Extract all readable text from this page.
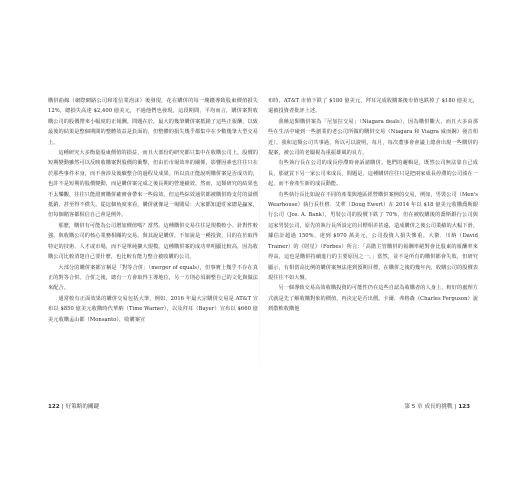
購併曲線（網際網路公司和電信業泡沫）後發現，花在購併的每一塊錢導致股東價值損失 12%，總損失高達 $2,400 億美元，不過他們也發現，這段期間，平均而言，購併案對收購公司的股價帶來小幅度的正報酬。問題在於，最大的幾筆購併案抵銷了這些正報酬，以致最後的結果是整個期間的整體效益是負面的，但整體的損失幾乎都集中在少數幾筆大型交易上。

這種研究大多衡量股東價值的損益，而且大部份的研究都只集中在收購公司上。股價的短期變動雖然可以反映收購案對股價的衝擊，但由於市場效率的關係，影響因素也往往只在於那些事件本身，而不會涉及後續整合的過程及成果。所以真正能說明購併案是否成功的，也許不是短期的股價變動，而是購併案完成之後長期的營運績效。然而，這類研究的結果也不太樂觀，往往只能證實購併確實會帶來一些綜效，但這些綜效通常都被購併時支付的溢價抵銷，甚至得不償失。從這個角度來看，購併就像是一場賭局：大家都知道莊家總是贏家，但每個賭客都相信自己會是例外。

那麼，購併有可能為公司增加價值嗎？當然。這種購併交易往往是規模較小、針對性較強、與收購公司的核心業務相關的交易。與其說是購併，不如說是一種投資，目的在於取得特定的技術、人才或市場，而不是單純擴大規模。這種購併案的成功率明顯比較高，因為收購公司比較清楚自己要什麼，也比較有能力整合被收購的公司。

大部分的購併案都宣稱是「對等合併」（merger of equals），但事實上幾乎不存在真正的對等合併。合併之後，總有一方會取得主導地位，另一方則必須調整自己的文化與做法來配合。

通常較有正面效果的購併交易包括大筆，例如，2016 年最大宗購併交易是 AT&T 宣布以 $850 億美元收購時代華納（Time Warner），以及拜耳（Bayer）宣布以 $660 億美元收購孟山都（Monsanto），收購案宣

122 | 好策略的關鍵

布時，AT&T 市值下跌了 $180 億美元，拜耳完成收購案後市值也跌掉了 $180 億美元，還被投資者批評上述。

我稱這類購併案為「尼加拉交易」（Niagara deals），因為購併觀大，而且大多由那些在生活中碰到一些創業的老公司所做的購併交易（Niagara 和 Viagra 威而鋼）發音相近）。我和這類公司共事過，所以可以證明，每月，每次董事會會議上總會出現一些購併的提案，被公司的老闆視為重振雄風的良方。

有些執行長在公司的成長停滯時會訴諸購併。他們的邏輯是，既然公司無法靠自己成長，那就買下另一家公司來成長。問題是，這種購併往往只是把兩家成長停滯的公司湊在一起，而不會產生新的成長動能。

有些執行長比如說在不同的產業與地區經營購併案例的交易，例如，男裝公司（Men's Wearhouse）執行長杜格．艾華（Doug Ewert）在 2014 年以 $18 億美元收購喬斯銀行公司（Jos. A. Bank），男裝公司的股價下跌了 70%，但在被收購後的喬斯銀行公司與這家男裝公司，原先的執行長所設定的目標相差甚遠，造成購併之後公司業績的大幅下滑。據估計超過 150%，達到 $970 萬美元，公司投資人損失慘重。大衛．川納（David Trainer）的《財星》（Forbes）所言：「高階主管購併的報酬率絕對會比股東的報酬率來得高，這也是購併持續進行的主要原因之一。」當然，並不是所有的購併都會失敗，但研究顯示，有相當高比例的購併案無法達到預期目標，在購併之後的幾年內，收購公司的股價表現往往不如大盤。

另一個導致交易高效收購投資的可能性仍在這些自認為收購者的人身上，較好的處理方式就是先了解收購對象的價值，再決定是否出價。卡爾．弗格森（Charles Ferguson）說到散軟收購他

第 5 章 成長的挑戰 | 123
